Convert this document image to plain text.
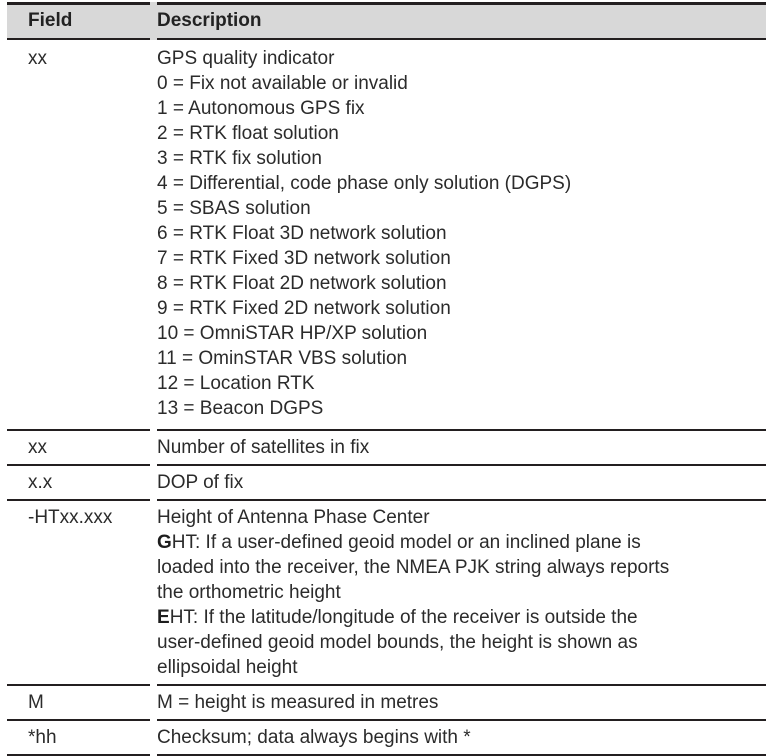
Field	Description
xx	GPS quality indicator
0 = Fix not available or invalid
1 = Autonomous GPS fix
2 = RTK float solution
3 = RTK fix solution
4 = Differential, code phase only solution (DGPS)
5 = SBAS solution
6 = RTK Float 3D network solution
7 = RTK Fixed 3D network solution
8 = RTK Float 2D network solution
9 = RTK Fixed 2D network solution
10 = OmniSTAR HP/XP solution
11 = OminSTAR VBS solution
12 = Location RTK
13 = Beacon DGPS
xx	Number of satellites in fix
x.x	DOP of fix
-HTxx.xxx	Height of Antenna Phase Center
GHT: If a user-defined geoid model or an inclined plane is
loaded into the receiver, the NMEA PJK string always reports
the orthometric height
EHT: If the latitude/longitude of the receiver is outside the
user-defined geoid model bounds, the height is shown as
ellipsoidal height
M	M = height is measured in metres
*hh	Checksum; data always begins with *
